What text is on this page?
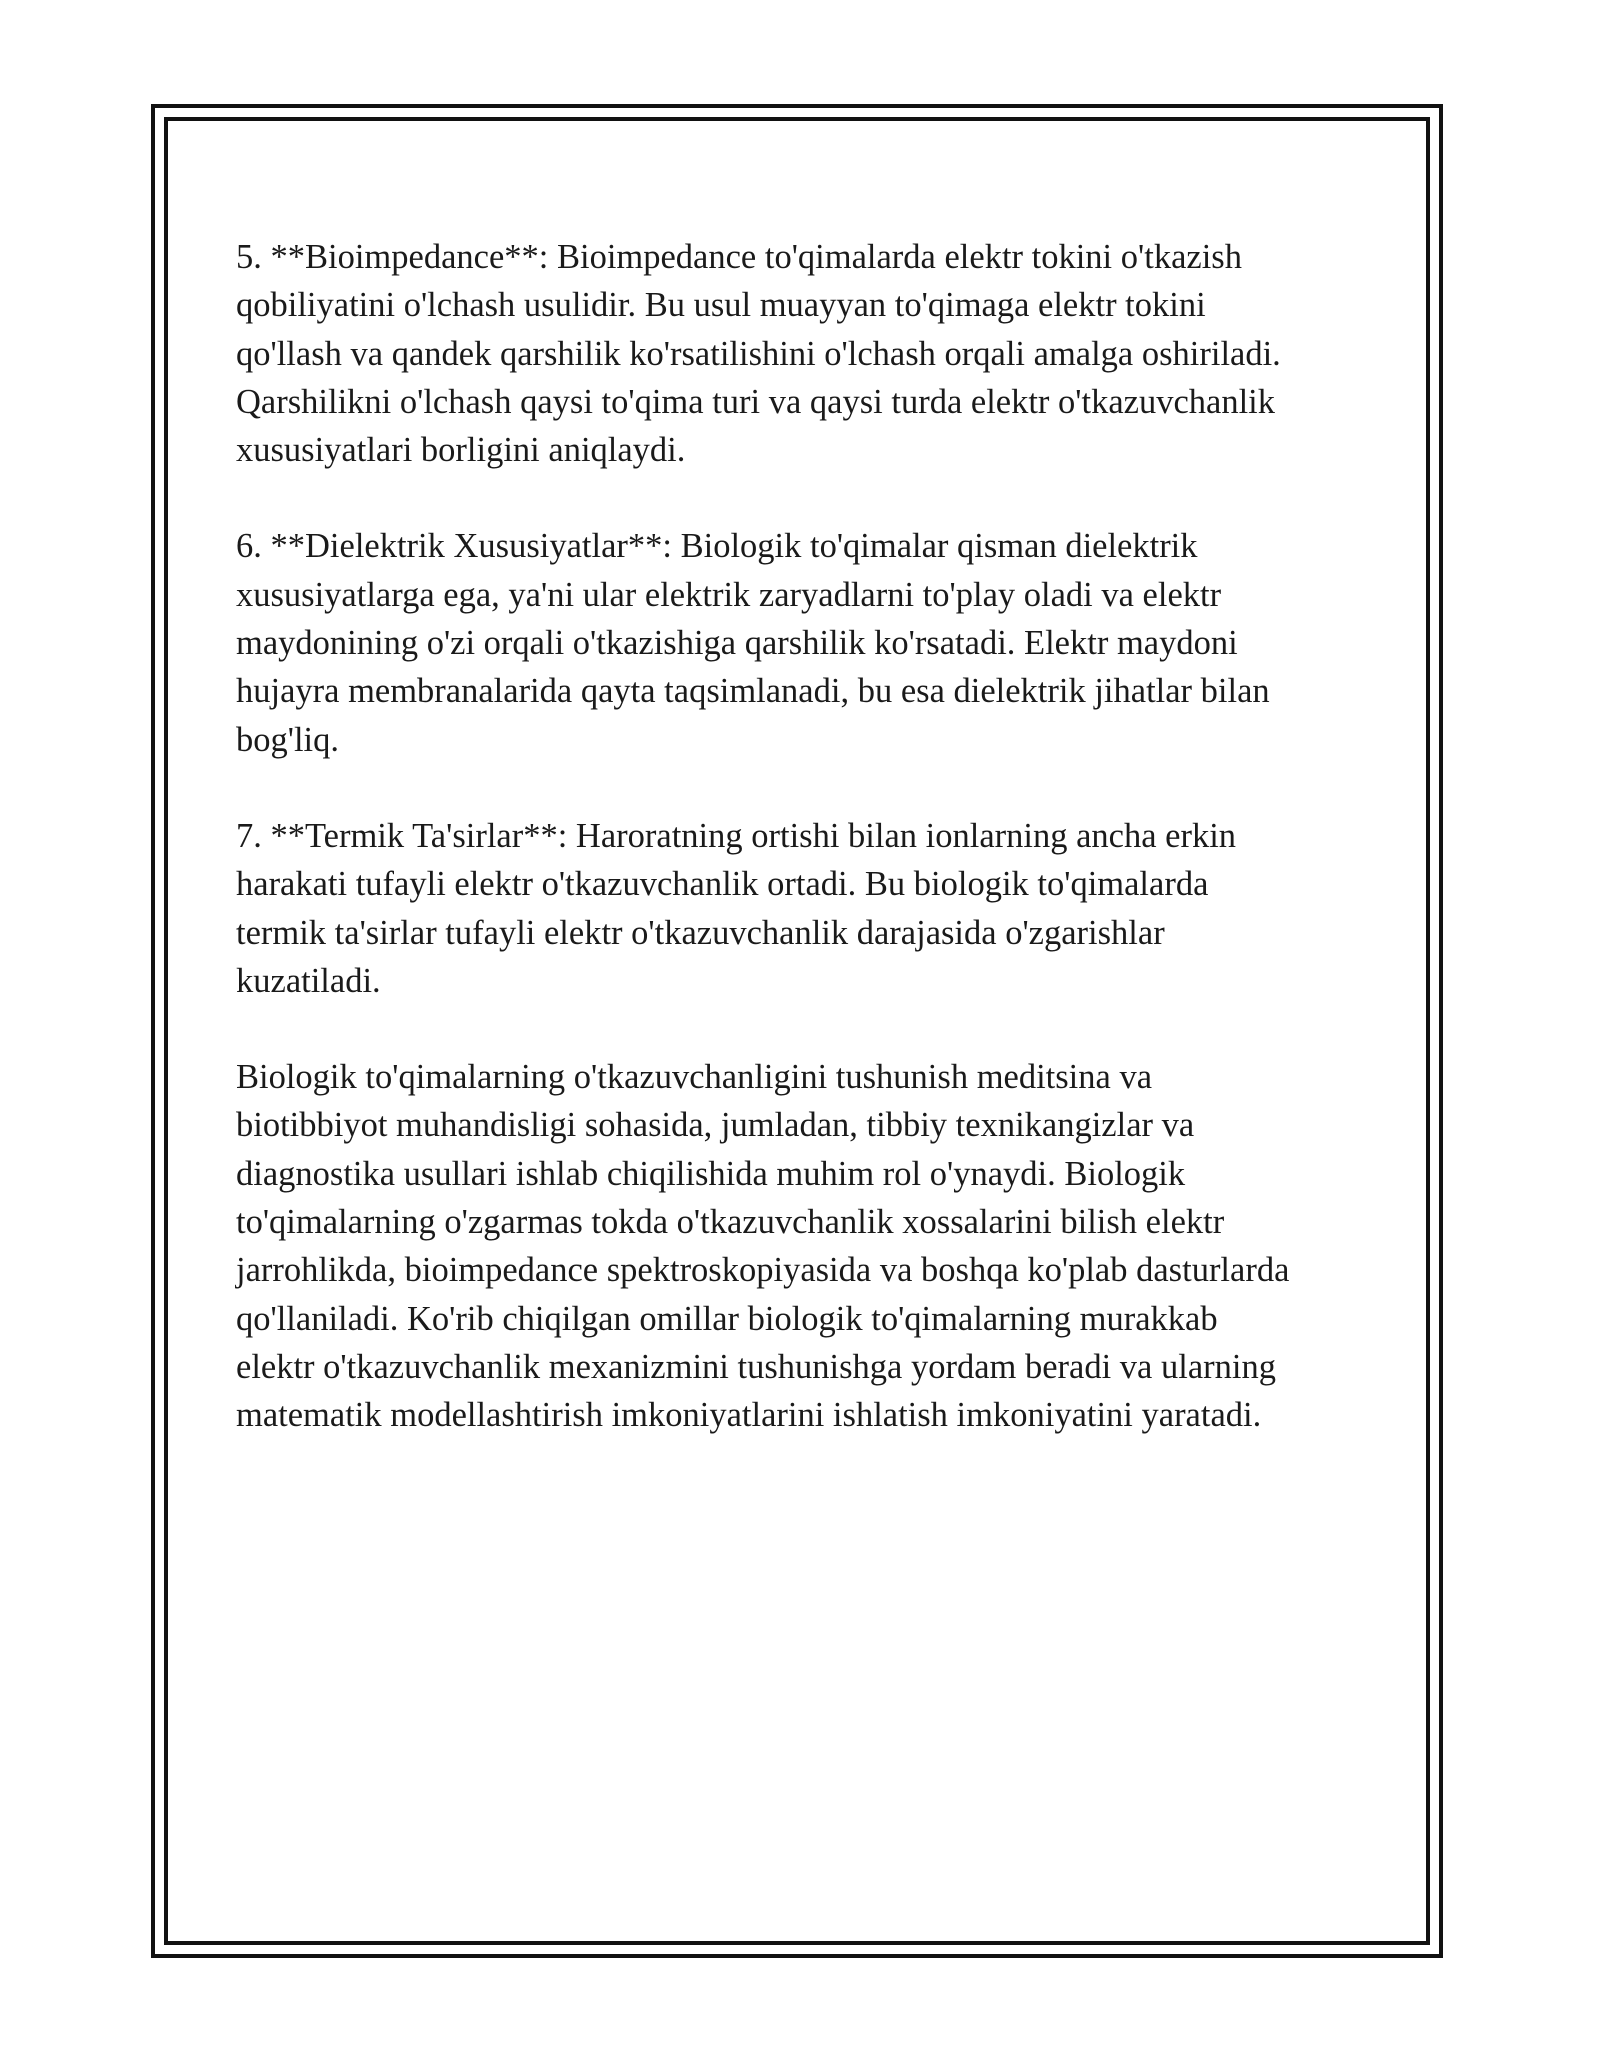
5. **Bioimpedance**: Bioimpedance to'qimalarda elektr tokini o'tkazish
qobiliyatini o'lchash usulidir. Bu usul muayyan to'qimaga elektr tokini
qo'llash va qandek qarshilik ko'rsatilishini o'lchash orqali amalga oshiriladi.
Qarshilikni o'lchash qaysi to'qima turi va qaysi turda elektr o'tkazuvchanlik
xususiyatlari borligini aniqlaydi.

6. **Dielektrik Xususiyatlar**: Biologik to'qimalar qisman dielektrik
xususiyatlarga ega, ya'ni ular elektrik zaryadlarni to'play oladi va elektr
maydonining o'zi orqali o'tkazishiga qarshilik ko'rsatadi. Elektr maydoni
hujayra membranalarida qayta taqsimlanadi, bu esa dielektrik jihatlar bilan
bog'liq.

7. **Termik Ta'sirlar**: Haroratning ortishi bilan ionlarning ancha erkin
harakati tufayli elektr o'tkazuvchanlik ortadi. Bu biologik to'qimalarda
termik ta'sirlar tufayli elektr o'tkazuvchanlik darajasida o'zgarishlar
kuzatiladi.

Biologik to'qimalarning o'tkazuvchanligini tushunish meditsina va
biotibbiyot muhandisligi sohasida, jumladan, tibbiy texnikangizlar va
diagnostika usullari ishlab chiqilishida muhim rol o'ynaydi. Biologik
to'qimalarning o'zgarmas tokda o'tkazuvchanlik xossalarini bilish elektr
jarrohlikda, bioimpedance spektroskopiyasida va boshqa ko'plab dasturlarda
qo'llaniladi. Ko'rib chiqilgan omillar biologik to'qimalarning murakkab
elektr o'tkazuvchanlik mexanizmini tushunishga yordam beradi va ularning
matematik modellashtirish imkoniyatlarini ishlatish imkoniyatini yaratadi.
